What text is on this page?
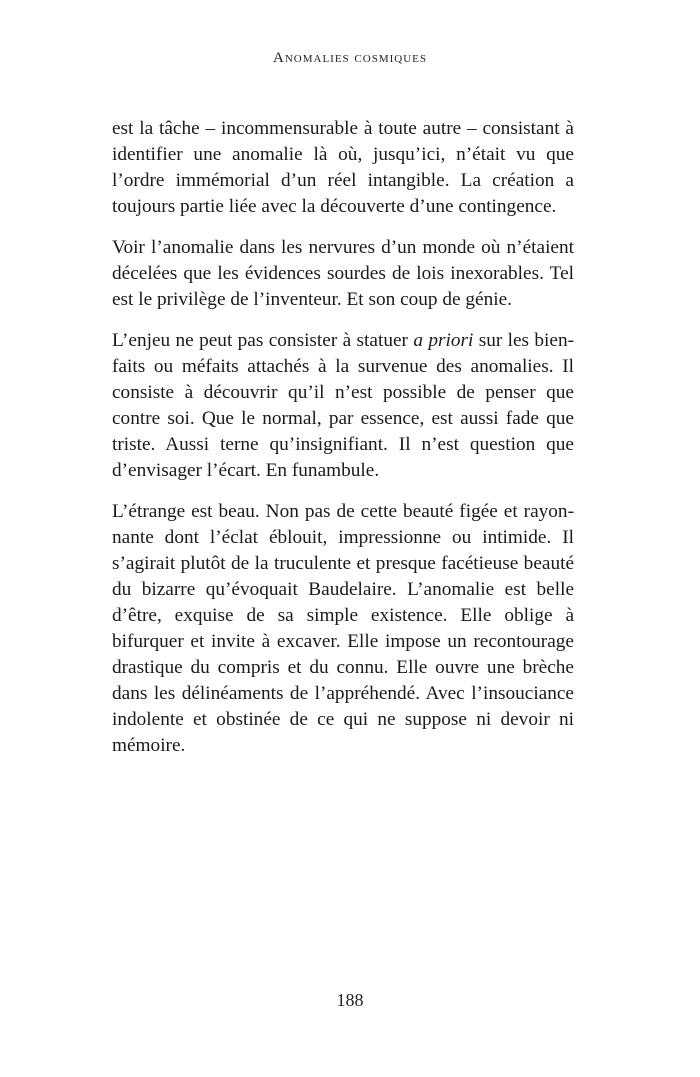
Anomalies cosmiques

est la tâche – incommensurable à toute autre – consistant à identifier une anomalie là où, jusqu’ici, n’était vu que l’ordre immémorial d’un réel intangible. La création a toujours partie liée avec la découverte d’une contingence.

Voir l’anomalie dans les nervures d’un monde où n’étaient décelées que les évidences sourdes de lois inexorables. Tel est le privilège de l’inventeur. Et son coup de génie.

L’enjeu ne peut pas consister à statuer a priori sur les bienfaits ou méfaits attachés à la survenue des anomalies. Il consiste à découvrir qu’il n’est possible de penser que contre soi. Que le normal, par essence, est aussi fade que triste. Aussi terne qu’insignifiant. Il n’est question que d’envisager l’écart. En funambule.

L’étrange est beau. Non pas de cette beauté figée et rayonnante dont l’éclat éblouit, impressionne ou intimide. Il s’agirait plutôt de la truculente et presque facétieuse beauté du bizarre qu’évoquait Baudelaire. L’anomalie est belle d’être, exquise de sa simple existence. Elle oblige à bifurquer et invite à excaver. Elle impose un recontourage drastique du compris et du connu. Elle ouvre une brèche dans les délinéaments de l’appréhendé. Avec l’insouciance indolente et obstinée de ce qui ne suppose ni devoir ni mémoire.

188
